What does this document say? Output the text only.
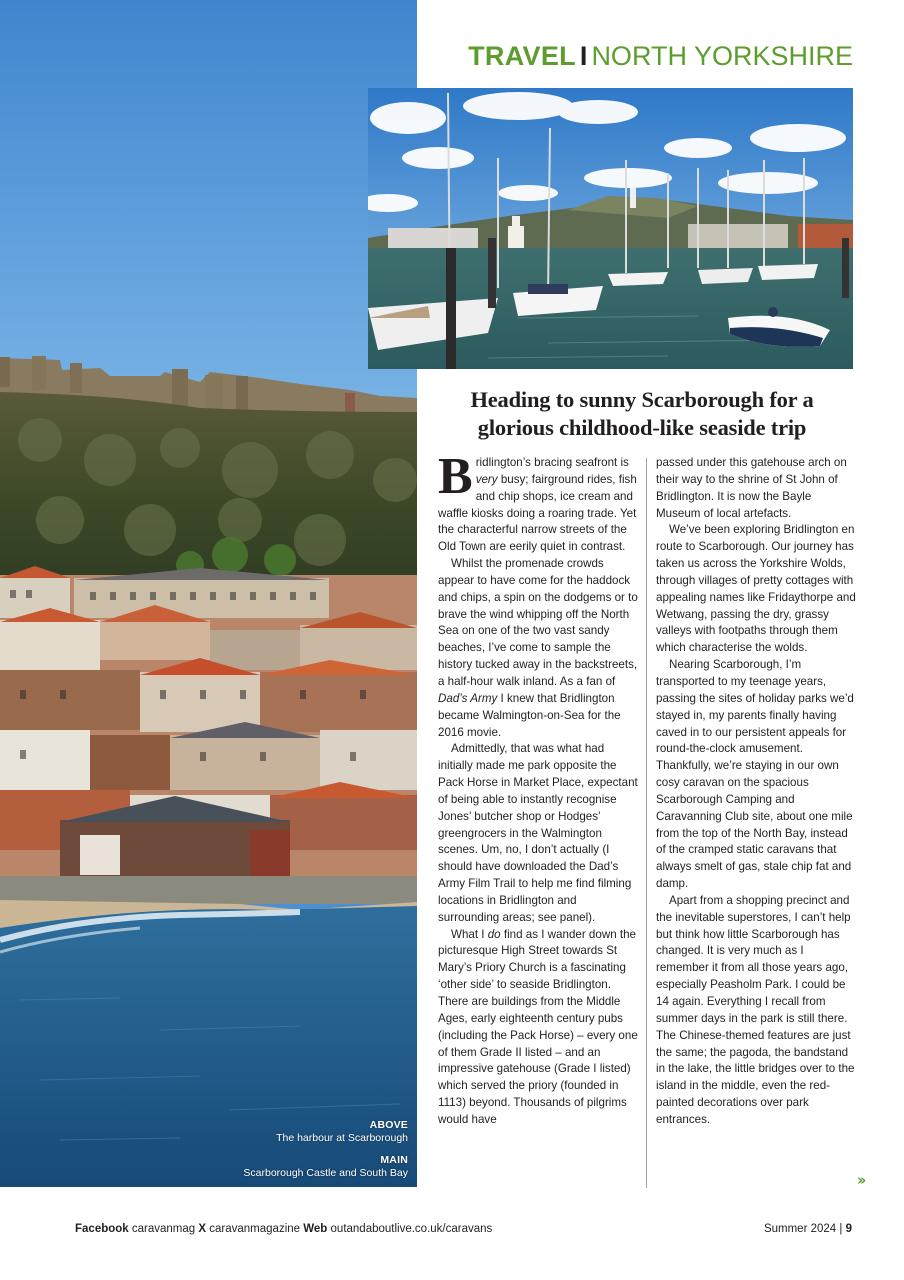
ABOVE
The harbour at Scarborough
MAIN
Scarborough Castle and South Bay
TRAVEL I NORTH YORKSHIRE
Heading to sunny Scarborough for a
glorious childhood-like seaside trip

Bridlington’s bracing seafront is very busy; fairground rides, fish and chip shops, ice cream and waffle kiosks doing a roaring trade. Yet the characterful narrow streets of the Old Town are eerily quiet in contrast.

Whilst the promenade crowds appear to have come for the haddock and chips, a spin on the dodgems or to brave the wind whipping off the North Sea on one of the two vast sandy beaches, I’ve come to sample the history tucked away in the backstreets, a half-hour walk inland. As a fan of Dad’s Army I knew that Bridlington became Walmington-on-Sea for the 2016 movie.

Admittedly, that was what had initially made me park opposite the Pack Horse in Market Place, expectant of being able to instantly recognise Jones’ butcher shop or Hodges’ greengrocers in the Walmington scenes. Um, no, I don’t actually (I should have downloaded the Dad’s Army Film Trail to help me find filming locations in Bridlington and surrounding areas; see panel).

What I do find as I wander down the picturesque High Street towards St Mary’s Priory Church is a fascinating ‘other side’ to seaside Bridlington. There are buildings from the Middle Ages, early eighteenth century pubs (including the Pack Horse) – every one of them Grade II listed – and an impressive gatehouse (Grade I listed) which served the priory (founded in 1113) beyond. Thousands of pilgrims would have

passed under this gatehouse arch on their way to the shrine of St John of Bridlington. It is now the Bayle Museum of local artefacts.

We’ve been exploring Bridlington en route to Scarborough. Our journey has taken us across the Yorkshire Wolds, through villages of pretty cottages with appealing names like Fridaythorpe and Wetwang, passing the dry, grassy valleys with footpaths through them which characterise the wolds.

Nearing Scarborough, I’m transported to my teenage years, passing the sites of holiday parks we’d stayed in, my parents finally having caved in to our persistent appeals for round-the-clock amusement. Thankfully, we’re staying in our own cosy caravan on the spacious Scarborough Camping and Caravanning Club site, about one mile from the top of the North Bay, instead of the cramped static caravans that always smelt of gas, stale chip fat and damp.

Apart from a shopping precinct and the inevitable superstores, I can’t help but think how little Scarborough has changed. It is very much as I remember it from all those years ago, especially Peasholm Park. I could be 14 again. Everything I recall from summer days in the park is still there. The Chinese-themed features are just the same; the pagoda, the bandstand in the lake, the little bridges over to the island in the middle, even the red-painted decorations over park entrances.

››
Facebook caravanmag X caravanmagazine Web outandaboutlive.co.uk/caravans	Summer 2024 | 9
